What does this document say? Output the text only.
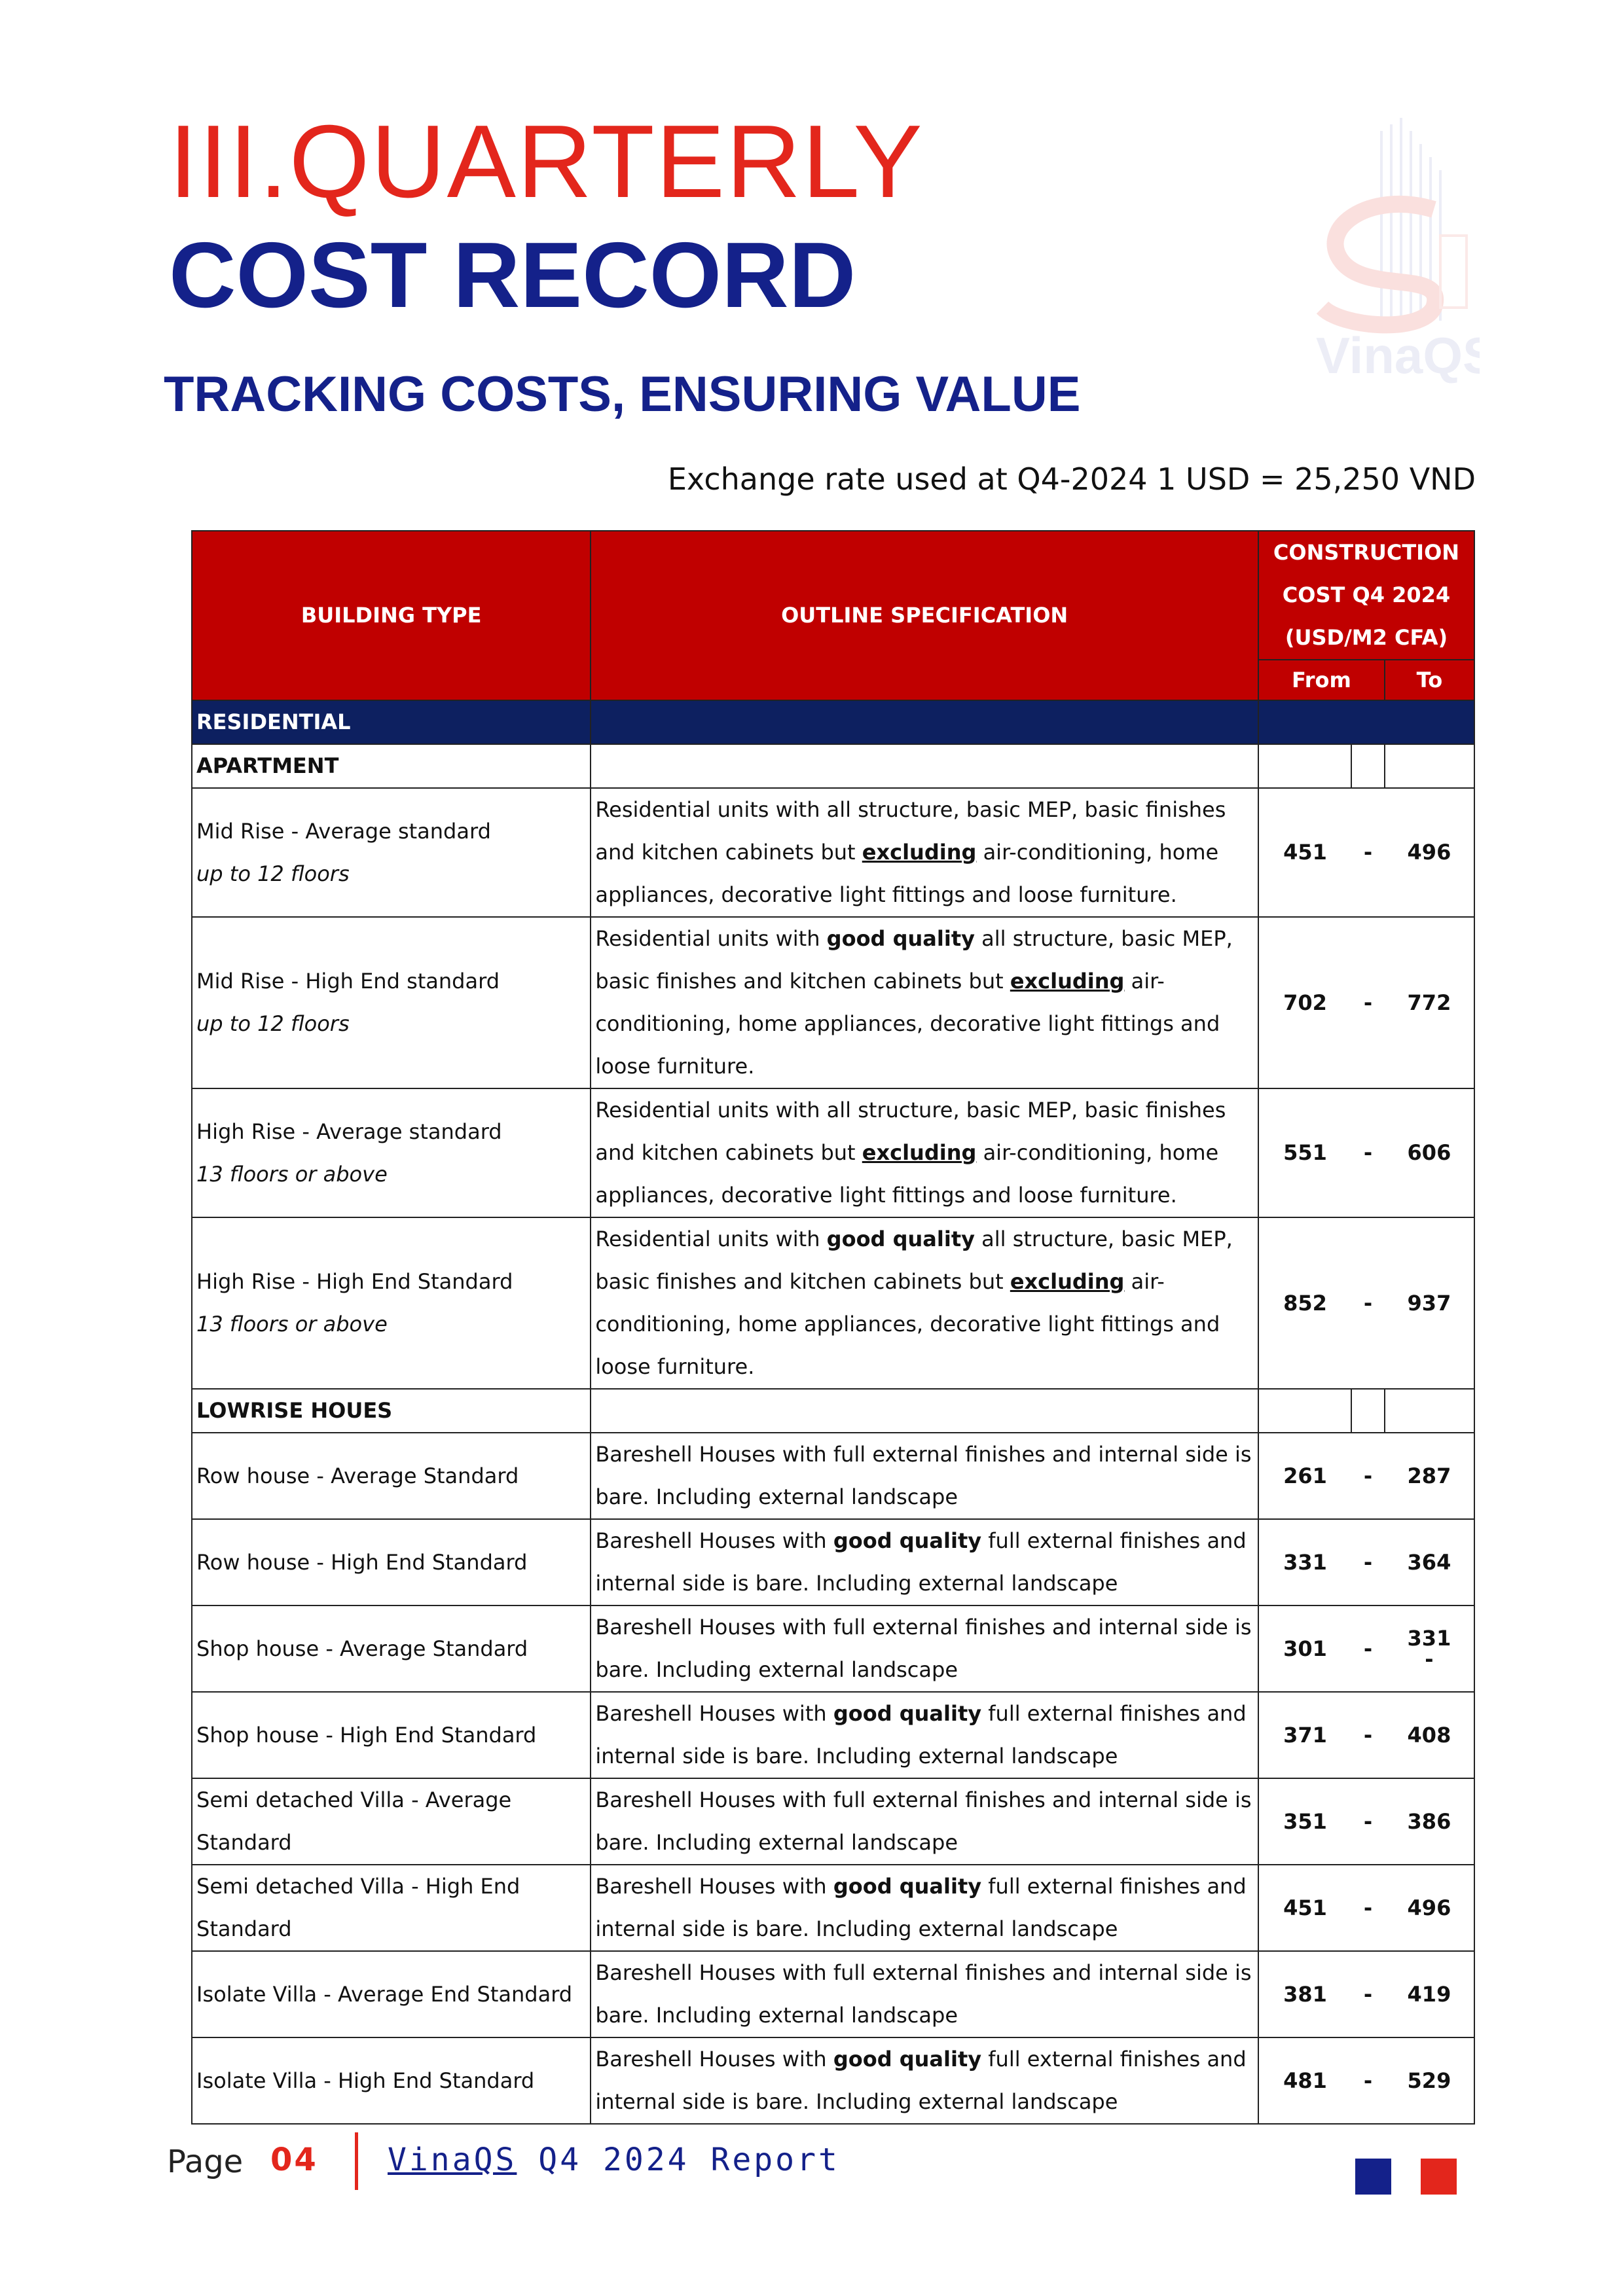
III.QUARTERLY
COST RECORD
TRACKING COSTS, ENSURING VALUE
VinaQS
Exchange rate used at Q4-2024 1 USD = 25,250 VND
BUILDING TYPE	OUTLINE SPECIFICATION	CONSTRUCTION		
		COST Q4 2024		
		(USD/M2 CFA)		
		From		To
RESIDENTIAL				
APARTMENT				
Mid Rise - Average standard
up to 12 floors	Residential units with all structure, basic MEP, basic finishes and kitchen cabinets but excluding air-conditioning, home appliances, decorative light fittings and loose furniture.	451	-	496
Mid Rise - High End standard
up to 12 floors	Residential units with good quality all structure, basic MEP, basic finishes and kitchen cabinets but excluding air-conditioning, home appliances, decorative light fittings and loose furniture.	702	-	772
High Rise - Average standard
13 floors or above	Residential units with all structure, basic MEP, basic finishes and kitchen cabinets but excluding air-conditioning, home appliances, decorative light fittings and loose furniture.	551	-	606
High Rise - High End Standard
13 floors or above	Residential units with good quality all structure, basic MEP, basic finishes and kitchen cabinets but excluding air-conditioning, home appliances, decorative light fittings and loose furniture.	852	-	937
LOWRISE HOUES				
Row house - Average Standard	Bareshell Houses with full external finishes and internal side is bare. Including external landscape	261	-	287
Row house - High End Standard	Bareshell Houses with good quality full external finishes and internal side is bare. Including external landscape	331	-	364
Shop house - Average Standard	Bareshell Houses with full external finishes and internal side is bare. Including external landscape	301	-	331
-
Shop house - High End Standard	Bareshell Houses with good quality full external finishes and internal side is bare. Including external landscape	371	-	408
Semi detached Villa - Average Standard	Bareshell Houses with full external finishes and internal side is bare. Including external landscape	351	-	386
Semi detached Villa - High End Standard	Bareshell Houses with good quality full external finishes and internal side is bare. Including external landscape	451	-	496
Isolate Villa - Average End Standard	Bareshell Houses with full external finishes and internal side is bare. Including external landscape	381	-	419
Isolate Villa - High End Standard	Bareshell Houses with good quality full external finishes and internal side is bare. Including external landscape	481	-	529
Page 04 VinaQS Q4 2024 Report
